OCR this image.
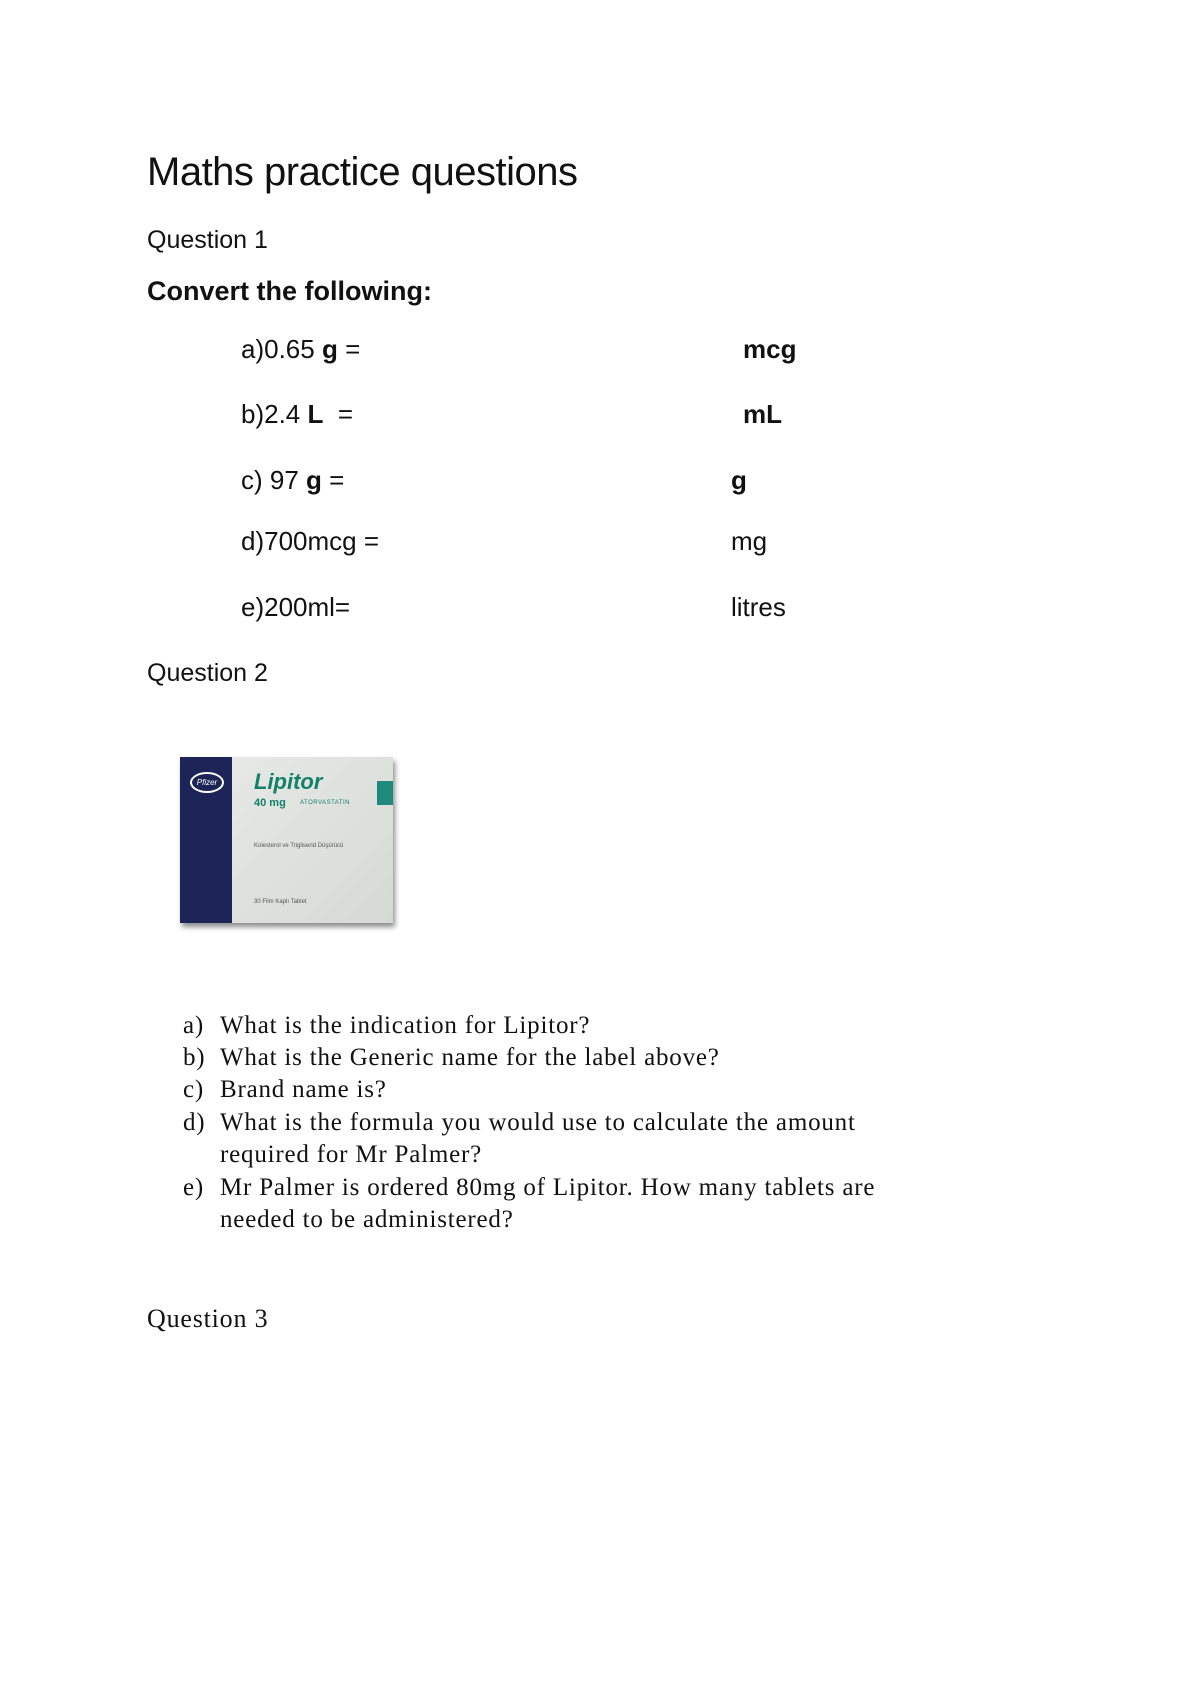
Maths practice questions
Question 1
Convert the following:
a)0.65 g =	mcg
b)2.4 L  =	mL
c) 97 g =	g
d)700mcg =	mg
e)200ml=	litres
Question 2
Pfizer	Lipitor
40 mg ATORVASTATIN
Kolesterol ve Trigliserid Düşürücü
30 Film Kaplı Tablet
a) What is the indication for Lipitor?
b) What is the Generic name for the label above?
c) Brand name is?
d) What is the formula you would use to calculate the amount
required for Mr Palmer?
e) Mr Palmer is ordered 80mg of Lipitor. How many tablets are
needed to be administered?
Question 3
